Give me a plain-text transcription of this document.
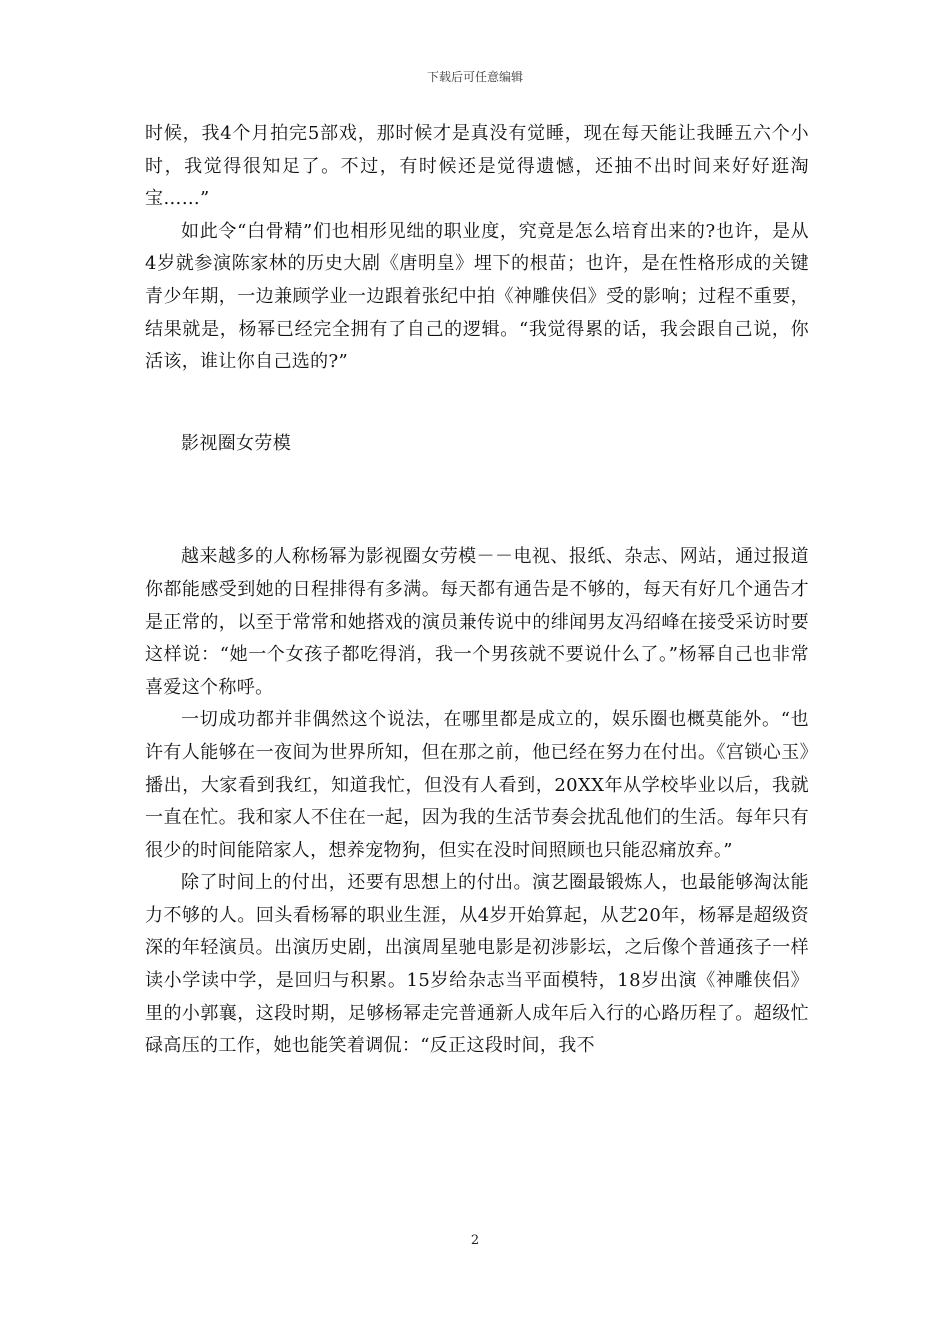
下载后可任意编辑

时候，我4个月拍完5部戏，那时候才是真没有觉睡，现在每天能让我睡五六个小时，我觉得很知足了。不过，有时候还是觉得遗憾，还抽不出时间来好好逛淘宝……”

如此令“白骨精”们也相形见绌的职业度，究竟是怎么培育出来的?也许，是从4岁就参演陈家林的历史大剧《唐明皇》埋下的根苗；也许，是在性格形成的关键青少年期，一边兼顾学业一边跟着张纪中拍《神雕侠侣》受的影响；过程不重要，结果就是，杨幂已经完全拥有了自己的逻辑。“我觉得累的话，我会跟自己说，你活该，谁让你自己选的?”

影视圈女劳模

越来越多的人称杨幂为影视圈女劳模－－电视、报纸、杂志、网站，通过报道你都能感受到她的日程排得有多满。每天都有通告是不够的，每天有好几个通告才是正常的，以至于常常和她搭戏的演员兼传说中的绯闻男友冯绍峰在接受采访时要这样说：“她一个女孩子都吃得消，我一个男孩就不要说什么了。”杨幂自己也非常喜爱这个称呼。

一切成功都并非偶然这个说法，在哪里都是成立的，娱乐圈也概莫能外。“也许有人能够在一夜间为世界所知，但在那之前，他已经在努力在付出。《宫锁心玉》播出，大家看到我红，知道我忙，但没有人看到，20XX年从学校毕业以后，我就一直在忙。我和家人不住在一起，因为我的生活节奏会扰乱他们的生活。每年只有很少的时间能陪家人，想养宠物狗，但实在没时间照顾也只能忍痛放弃。”

除了时间上的付出，还要有思想上的付出。演艺圈最锻炼人，也最能够淘汰能力不够的人。回头看杨幂的职业生涯，从4岁开始算起，从艺20年，杨幂是超级资深的年轻演员。出演历史剧，出演周星驰电影是初涉影坛，之后像个普通孩子一样读小学读中学，是回归与积累。15岁给杂志当平面模特，18岁出演《神雕侠侣》里的小郭襄，这段时期，足够杨幂走完普通新人成年后入行的心路历程了。超级忙碌高压的工作，她也能笑着调侃：“反正这段时间，我不

2
